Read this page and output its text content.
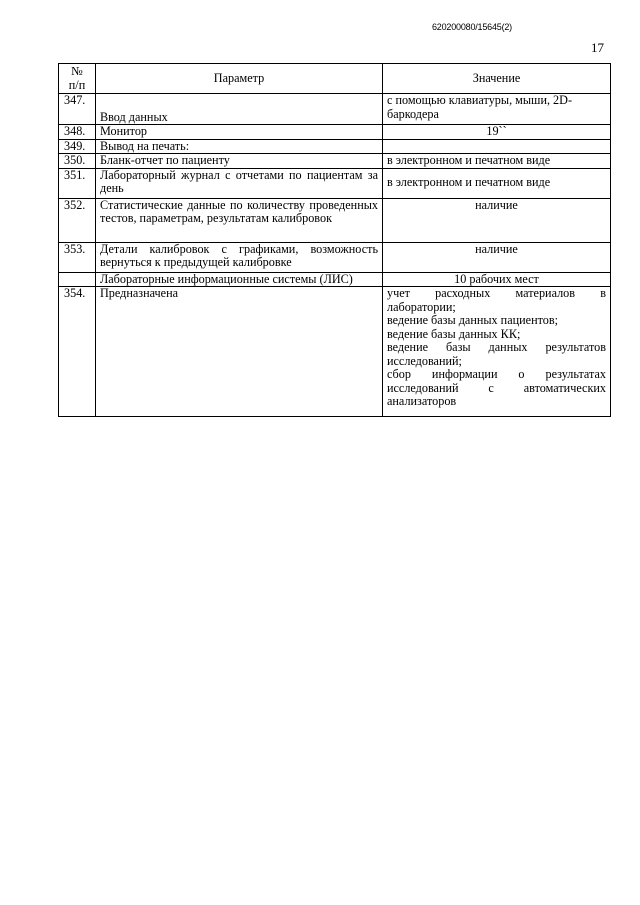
620200080/15645(2)
17
№
п/п	Параметр	Значение
347.	Ввод данных	с помощью клавиатуры, мыши, 2D-баркодера
348.	Монитор	19``
349.	Вывод на печать:	
350.	Бланк-отчет по пациенту	в электронном и печатном виде
351.	Лабораторный журнал с отчетами по пациентам за день	в электронном и печатном виде
352.	Статистические данные по количеству проведенных тестов, параметрам, результатам калибровок	наличие
353.	Детали калибровок с графиками, возможность вернуться к предыдущей калибровке	наличие
	Лабораторные информационные системы (ЛИС)	10 рабочих мест
354.	Предназначена	учет расходных материалов в лаборатории;
ведение базы данных пациентов;
ведение базы данных КК;
ведение базы данных результатов исследований;
сбор информации о результатах исследований с автоматических анализаторов
